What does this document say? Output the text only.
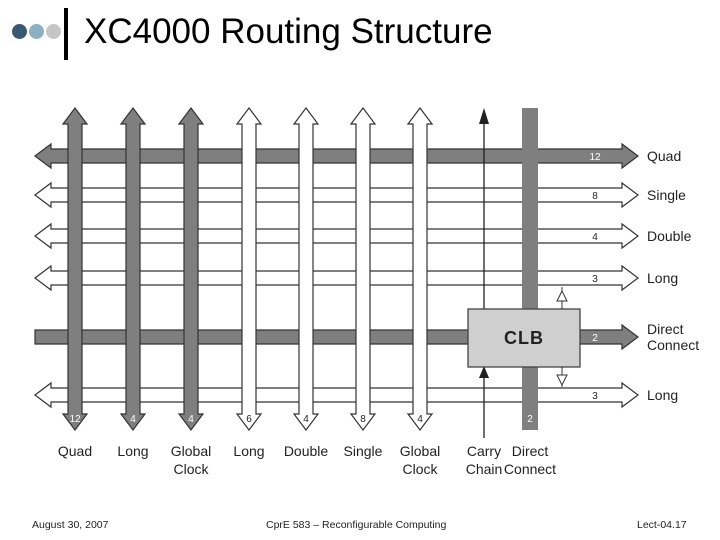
XC4000 Routing Structure
CLB
12	Quad
8	Single
4	Double
3	Long
2
Direct
Connect
3	Long
12
Quad
4
Long
4
Global
Clock
6
Long
4
Double
8
Single
4
Global
Clock
Carry
Chain
2
Direct
Connect
August 30, 2007	CprE 583 – Reconfigurable Computing	Lect-04.17
